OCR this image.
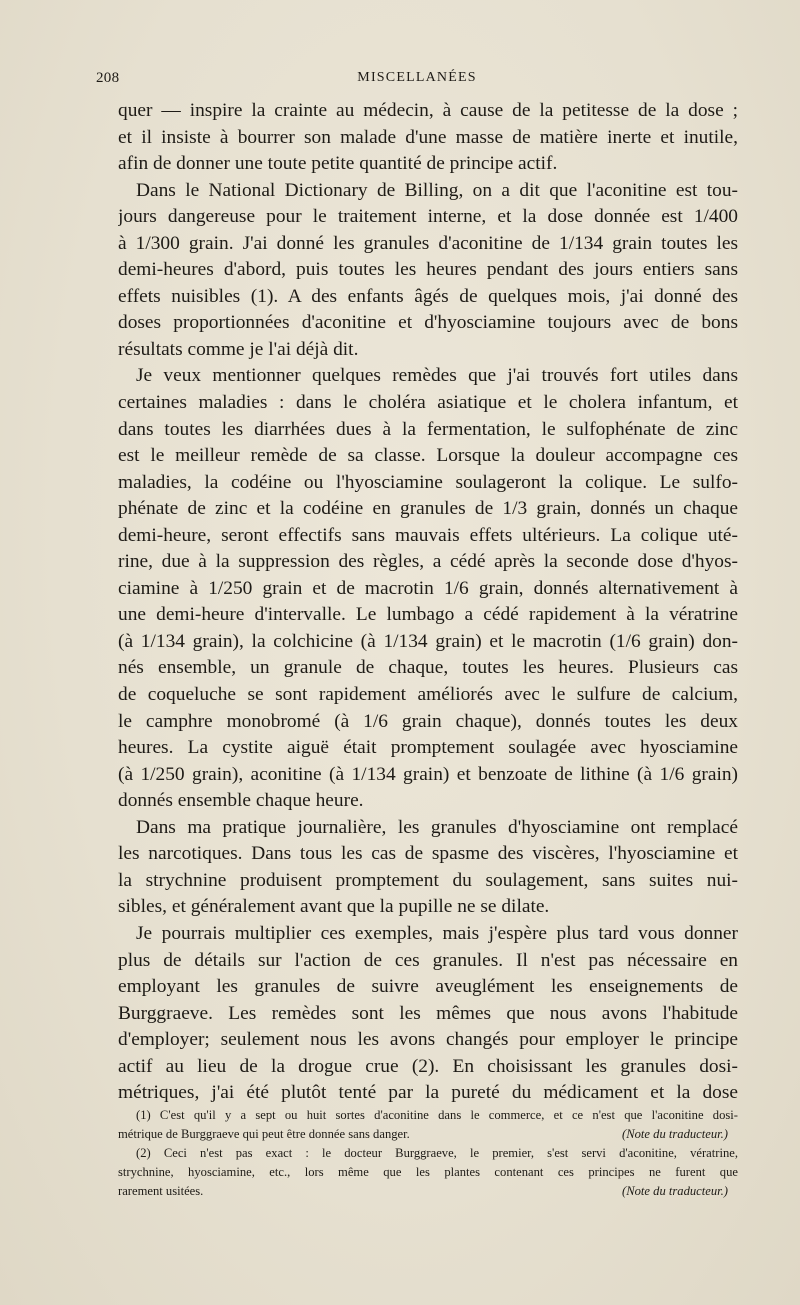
208	MISCELLANÉES
quer — inspire la crainte au médecin, à cause de la petitesse de la dose ;
et il insiste à bourrer son malade d'une masse de matière inerte et inutile,
afin de donner une toute petite quantité de principe actif.
Dans le National Dictionary de Billing, on a dit que l'aconitine est tou-
jours dangereuse pour le traitement interne, et la dose donnée est 1/400
à 1/300 grain. J'ai donné les granules d'aconitine de 1/134 grain toutes les
demi-heures d'abord, puis toutes les heures pendant des jours entiers sans
effets nuisibles (1). A des enfants âgés de quelques mois, j'ai donné des
doses proportionnées d'aconitine et d'hyosciamine toujours avec de bons
résultats comme je l'ai déjà dit.
Je veux mentionner quelques remèdes que j'ai trouvés fort utiles dans
certaines maladies : dans le choléra asiatique et le cholera infantum, et
dans toutes les diarrhées dues à la fermentation, le sulfophénate de zinc
est le meilleur remède de sa classe. Lorsque la douleur accompagne ces
maladies, la codéine ou l'hyosciamine soulageront la colique. Le sulfo-
phénate de zinc et la codéine en granules de 1/3 grain, donnés un chaque
demi-heure, seront effectifs sans mauvais effets ultérieurs. La colique uté-
rine, due à la suppression des règles, a cédé après la seconde dose d'hyos-
ciamine à 1/250 grain et de macrotin 1/6 grain, donnés alternativement à
une demi-heure d'intervalle. Le lumbago a cédé rapidement à la vératrine
(à 1/134 grain), la colchicine (à 1/134 grain) et le macrotin (1/6 grain) don-
nés ensemble, un granule de chaque, toutes les heures. Plusieurs cas
de coqueluche se sont rapidement améliorés avec le sulfure de calcium,
le camphre monobromé (à 1/6 grain chaque), donnés toutes les deux
heures. La cystite aiguë était promptement soulagée avec hyosciamine
(à 1/250 grain), aconitine (à 1/134 grain) et benzoate de lithine (à 1/6 grain)
donnés ensemble chaque heure.
Dans ma pratique journalière, les granules d'hyosciamine ont remplacé
les narcotiques. Dans tous les cas de spasme des viscères, l'hyosciamine et
la strychnine produisent promptement du soulagement, sans suites nui-
sibles, et généralement avant que la pupille ne se dilate.
Je pourrais multiplier ces exemples, mais j'espère plus tard vous donner
plus de détails sur l'action de ces granules. Il n'est pas nécessaire en
employant les granules de suivre aveuglément les enseignements de
Burggraeve. Les remèdes sont les mêmes que nous avons l'habitude
d'employer; seulement nous les avons changés pour employer le principe
actif au lieu de la drogue crue (2). En choisissant les granules dosi-
métriques, j'ai été plutôt tenté par la pureté du médicament et la dose
(1) C'est qu'il y a sept ou huit sortes d'aconitine dans le commerce, et ce n'est que l'aconitine dosi-
métrique de Burggraeve qui peut être donnée sans danger.	(Note du traducteur.)
(2) Ceci n'est pas exact : le docteur Burggraeve, le premier, s'est servi d'aconitine, vératrine,
strychnine, hyosciamine, etc., lors même que les plantes contenant ces principes ne furent que
rarement usitées.	(Note du traducteur.)
